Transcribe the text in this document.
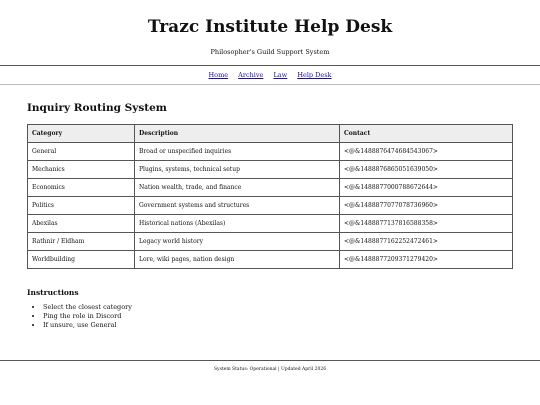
Trazc Institute Help Desk
Philosopher's Guild Support System
Home Archive Law Help Desk
Inquiry Routing System
Category	Description	Contact
General	Broad or unspecified inquiries	<@&1488876474684543067>
Mechanics	Plugins, systems, technical setup	<@&1488876865051639050>
Economics	Nation wealth, trade, and finance	<@&1488877000788672644>
Politics	Government systems and structures	<@&1488877077078736960>
Abexilas	Historical nations (Abexilas)	<@&1488877137816588358>
Rathnir / Eldham	Legacy world history	<@&1488877162252472461>
Worldbuilding	Lore, wiki pages, nation design	<@&1488877209371279420>
Instructions
• Select the closest category
• Ping the role in Discord
• If unsure, use General
System Status: Operational | Updated April 2026
